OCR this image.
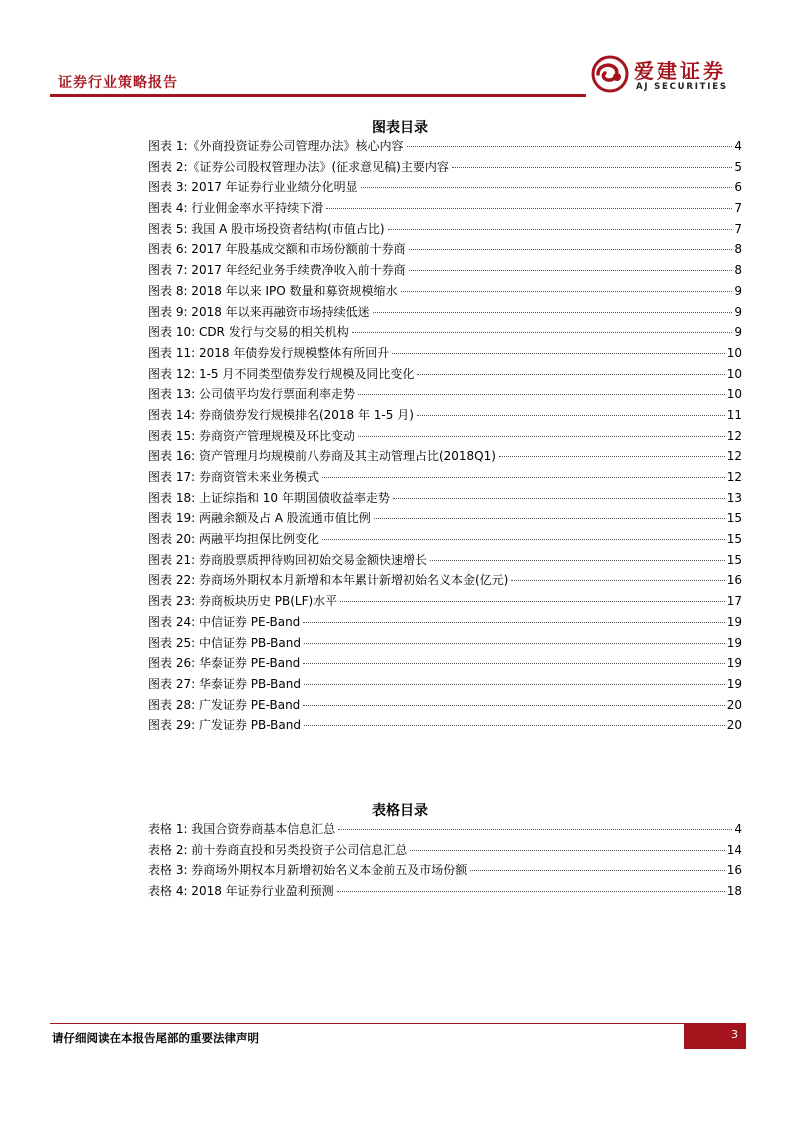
证券行业策略报告	爱建证券
AJ SECURITIES
图表目录
图表 1:《外商投资证券公司管理办法》核心内容	4
图表 2:《证券公司股权管理办法》(征求意见稿)主要内容	5
图表 3: 2017 年证券行业业绩分化明显	6
图表 4: 行业佣金率水平持续下滑	7
图表 5: 我国 A 股市场投资者结构(市值占比)	7
图表 6: 2017 年股基成交额和市场份额前十券商	8
图表 7: 2017 年经纪业务手续费净收入前十券商	8
图表 8: 2018 年以来 IPO 数量和募资规模缩水	9
图表 9: 2018 年以来再融资市场持续低迷	9
图表 10: CDR 发行与交易的相关机构	9
图表 11: 2018 年债券发行规模整体有所回升	10
图表 12: 1-5 月不同类型债券发行规模及同比变化	10
图表 13: 公司债平均发行票面利率走势	10
图表 14: 券商债券发行规模排名(2018 年 1-5 月)	11
图表 15: 券商资产管理规模及环比变动	12
图表 16: 资产管理月均规模前八券商及其主动管理占比(2018Q1)	12
图表 17: 券商资管未来业务模式	12
图表 18: 上证综指和 10 年期国债收益率走势	13
图表 19: 两融余额及占 A 股流通市值比例	15
图表 20: 两融平均担保比例变化	15
图表 21: 券商股票质押待购回初始交易金额快速增长	15
图表 22: 券商场外期权本月新增和本年累计新增初始名义本金(亿元)	16
图表 23: 券商板块历史 PB(LF)水平	17
图表 24: 中信证券 PE-Band	19
图表 25: 中信证券 PB-Band	19
图表 26: 华泰证券 PE-Band	19
图表 27: 华泰证券 PB-Band	19
图表 28: 广发证券 PE-Band	20
图表 29: 广发证券 PB-Band	20
表格目录
表格 1: 我国合资券商基本信息汇总	4
表格 2: 前十券商直投和另类投资子公司信息汇总	14
表格 3: 券商场外期权本月新增初始名义本金前五及市场份额	16
表格 4: 2018 年证券行业盈利预测	18
请仔细阅读在本报告尾部的重要法律声明	3
